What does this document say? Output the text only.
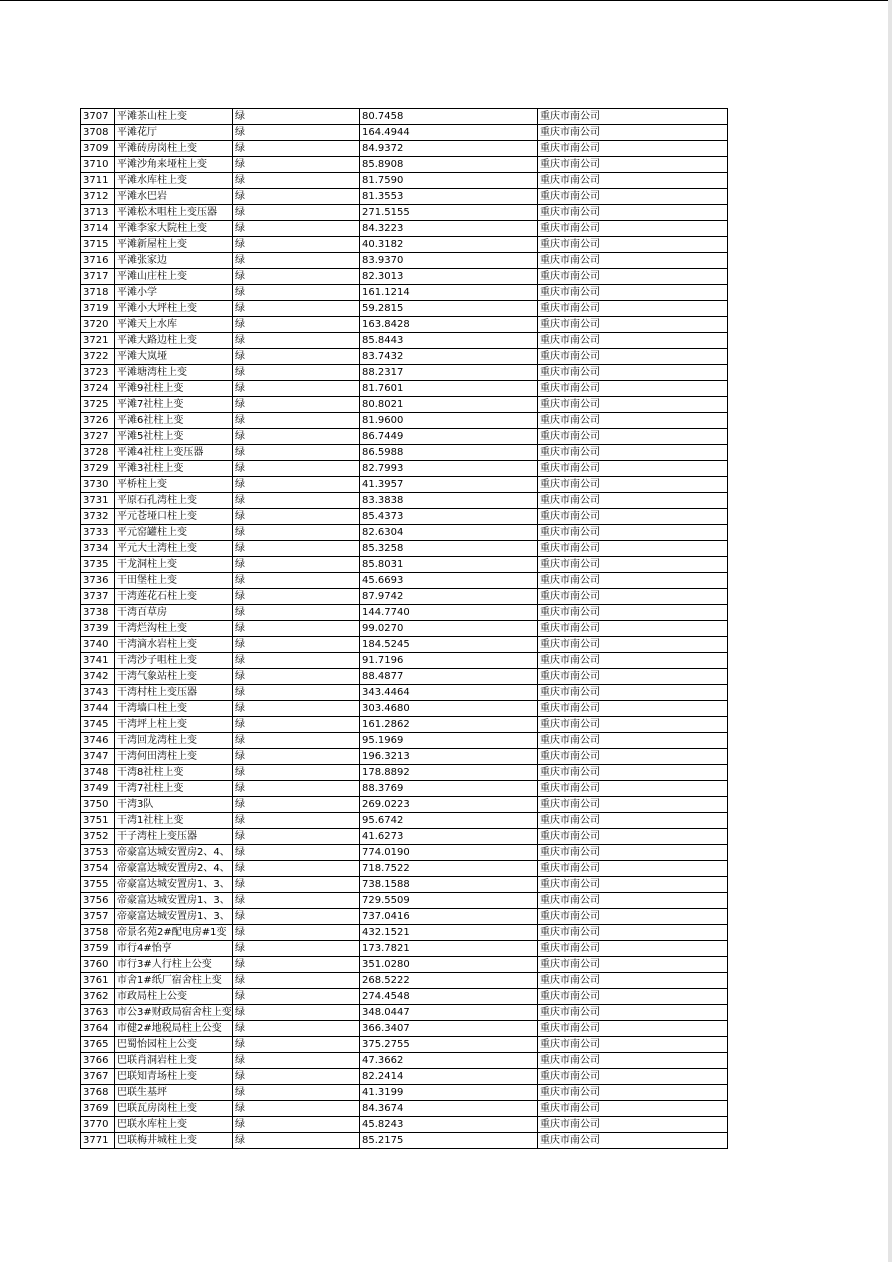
3707	平滩茶山柱上变	绿	80.7458	重庆市南公司
3708	平滩花厅	绿	164.4944	重庆市南公司
3709	平滩砖房岗柱上变	绿	84.9372	重庆市南公司
3710	平滩沙角来垭柱上变	绿	85.8908	重庆市南公司
3711	平滩水库柱上变	绿	81.7590	重庆市南公司
3712	平滩水巴岩	绿	81.3553	重庆市南公司
3713	平滩松木咀柱上变压器	绿	271.5155	重庆市南公司
3714	平滩李家大院柱上变	绿	84.3223	重庆市南公司
3715	平滩新屋柱上变	绿	40.3182	重庆市南公司
3716	平滩张家边	绿	83.9370	重庆市南公司
3717	平滩山庄柱上变	绿	82.3013	重庆市南公司
3718	平滩小学	绿	161.1214	重庆市南公司
3719	平滩小大坪柱上变	绿	59.2815	重庆市南公司
3720	平滩天上水库	绿	163.8428	重庆市南公司
3721	平滩大路边柱上变	绿	85.8443	重庆市南公司
3722	平滩大岚垭	绿	83.7432	重庆市南公司
3723	平滩塘湾柱上变	绿	88.2317	重庆市南公司
3724	平滩9社柱上变	绿	81.7601	重庆市南公司
3725	平滩7社柱上变	绿	80.8021	重庆市南公司
3726	平滩6社柱上变	绿	81.9600	重庆市南公司
3727	平滩5社柱上变	绿	86.7449	重庆市南公司
3728	平滩4社柱上变压器	绿	86.5988	重庆市南公司
3729	平滩3社柱上变	绿	82.7993	重庆市南公司
3730	平桥柱上变	绿	41.3957	重庆市南公司
3731	平原石孔湾柱上变	绿	83.3838	重庆市南公司
3732	平元苍垭口柱上变	绿	85.4373	重庆市南公司
3733	平元窑罐柱上变	绿	82.6304	重庆市南公司
3734	平元大土湾柱上变	绿	85.3258	重庆市南公司
3735	干龙洞柱上变	绿	85.8031	重庆市南公司
3736	干田堡柱上变	绿	45.6693	重庆市南公司
3737	干湾莲花石柱上变	绿	87.9742	重庆市南公司
3738	干湾百草房	绿	144.7740	重庆市南公司
3739	干湾烂沟柱上变	绿	99.0270	重庆市南公司
3740	干湾滴水岩柱上变	绿	184.5245	重庆市南公司
3741	干湾沙子咀柱上变	绿	91.7196	重庆市南公司
3742	干湾气象站柱上变	绿	88.4877	重庆市南公司
3743	干湾村柱上变压器	绿	343.4464	重庆市南公司
3744	干湾墙口柱上变	绿	303.4680	重庆市南公司
3745	干湾坪上柱上变	绿	161.2862	重庆市南公司
3746	干湾回龙湾柱上变	绿	95.1969	重庆市南公司
3747	干湾何田湾柱上变	绿	196.3213	重庆市南公司
3748	干湾8社柱上变	绿	178.8892	重庆市南公司
3749	干湾7社柱上变	绿	88.3769	重庆市南公司
3750	干湾3队	绿	269.0223	重庆市南公司
3751	干湾1社柱上变	绿	95.6742	重庆市南公司
3752	干子湾柱上变压器	绿	41.6273	重庆市南公司
3753	帝豪富达城安置房2、4、	绿	774.0190	重庆市南公司
3754	帝豪富达城安置房2、4、	绿	718.7522	重庆市南公司
3755	帝豪富达城安置房1、3、	绿	738.1588	重庆市南公司
3756	帝豪富达城安置房1、3、	绿	729.5509	重庆市南公司
3757	帝豪富达城安置房1、3、	绿	737.0416	重庆市南公司
3758	帝景名苑2#配电房#1变	绿	432.1521	重庆市南公司
3759	市行4#怡亨	绿	173.7821	重庆市南公司
3760	市行3#人行柱上公变	绿	351.0280	重庆市南公司
3761	市舍1#纸厂宿舍柱上变	绿	268.5222	重庆市南公司
3762	市政局柱上公变	绿	274.4548	重庆市南公司
3763	市公3#财政局宿舍柱上变	绿	348.0447	重庆市南公司
3764	市健2#地税局柱上公变	绿	366.3407	重庆市南公司
3765	巴蜀怡园柱上公变	绿	375.2755	重庆市南公司
3766	巴联肖洞岩柱上变	绿	47.3662	重庆市南公司
3767	巴联知青场柱上变	绿	82.2414	重庆市南公司
3768	巴联生基坪	绿	41.3199	重庆市南公司
3769	巴联瓦房岗柱上变	绿	84.3674	重庆市南公司
3770	巴联水库柱上变	绿	45.8243	重庆市南公司
3771	巴联梅井城柱上变	绿	85.2175	重庆市南公司
